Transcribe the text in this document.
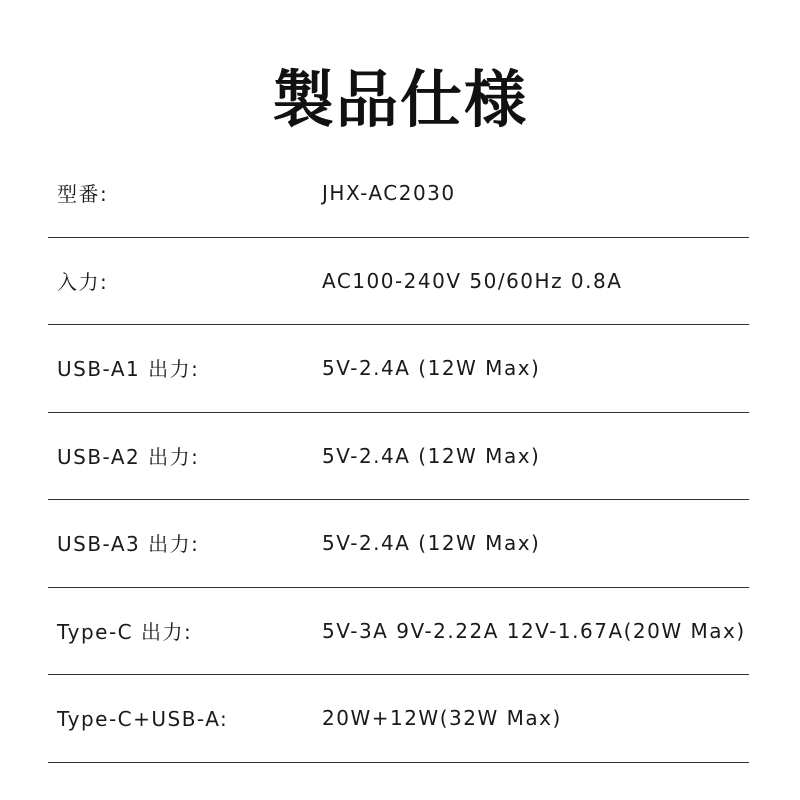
製品仕様
型番:	JHX-AC2030
入力:	AC100-240V 50/60Hz 0.8A
USB-A1 出力:	5V-2.4A (12W Max)
USB-A2 出力:	5V-2.4A (12W Max)
USB-A3 出力:	5V-2.4A (12W Max)
Type-C 出力:	5V-3A 9V-2.22A 12V-1.67A(20W Max)
Type-C+USB-A:	20W+12W(32W Max)
